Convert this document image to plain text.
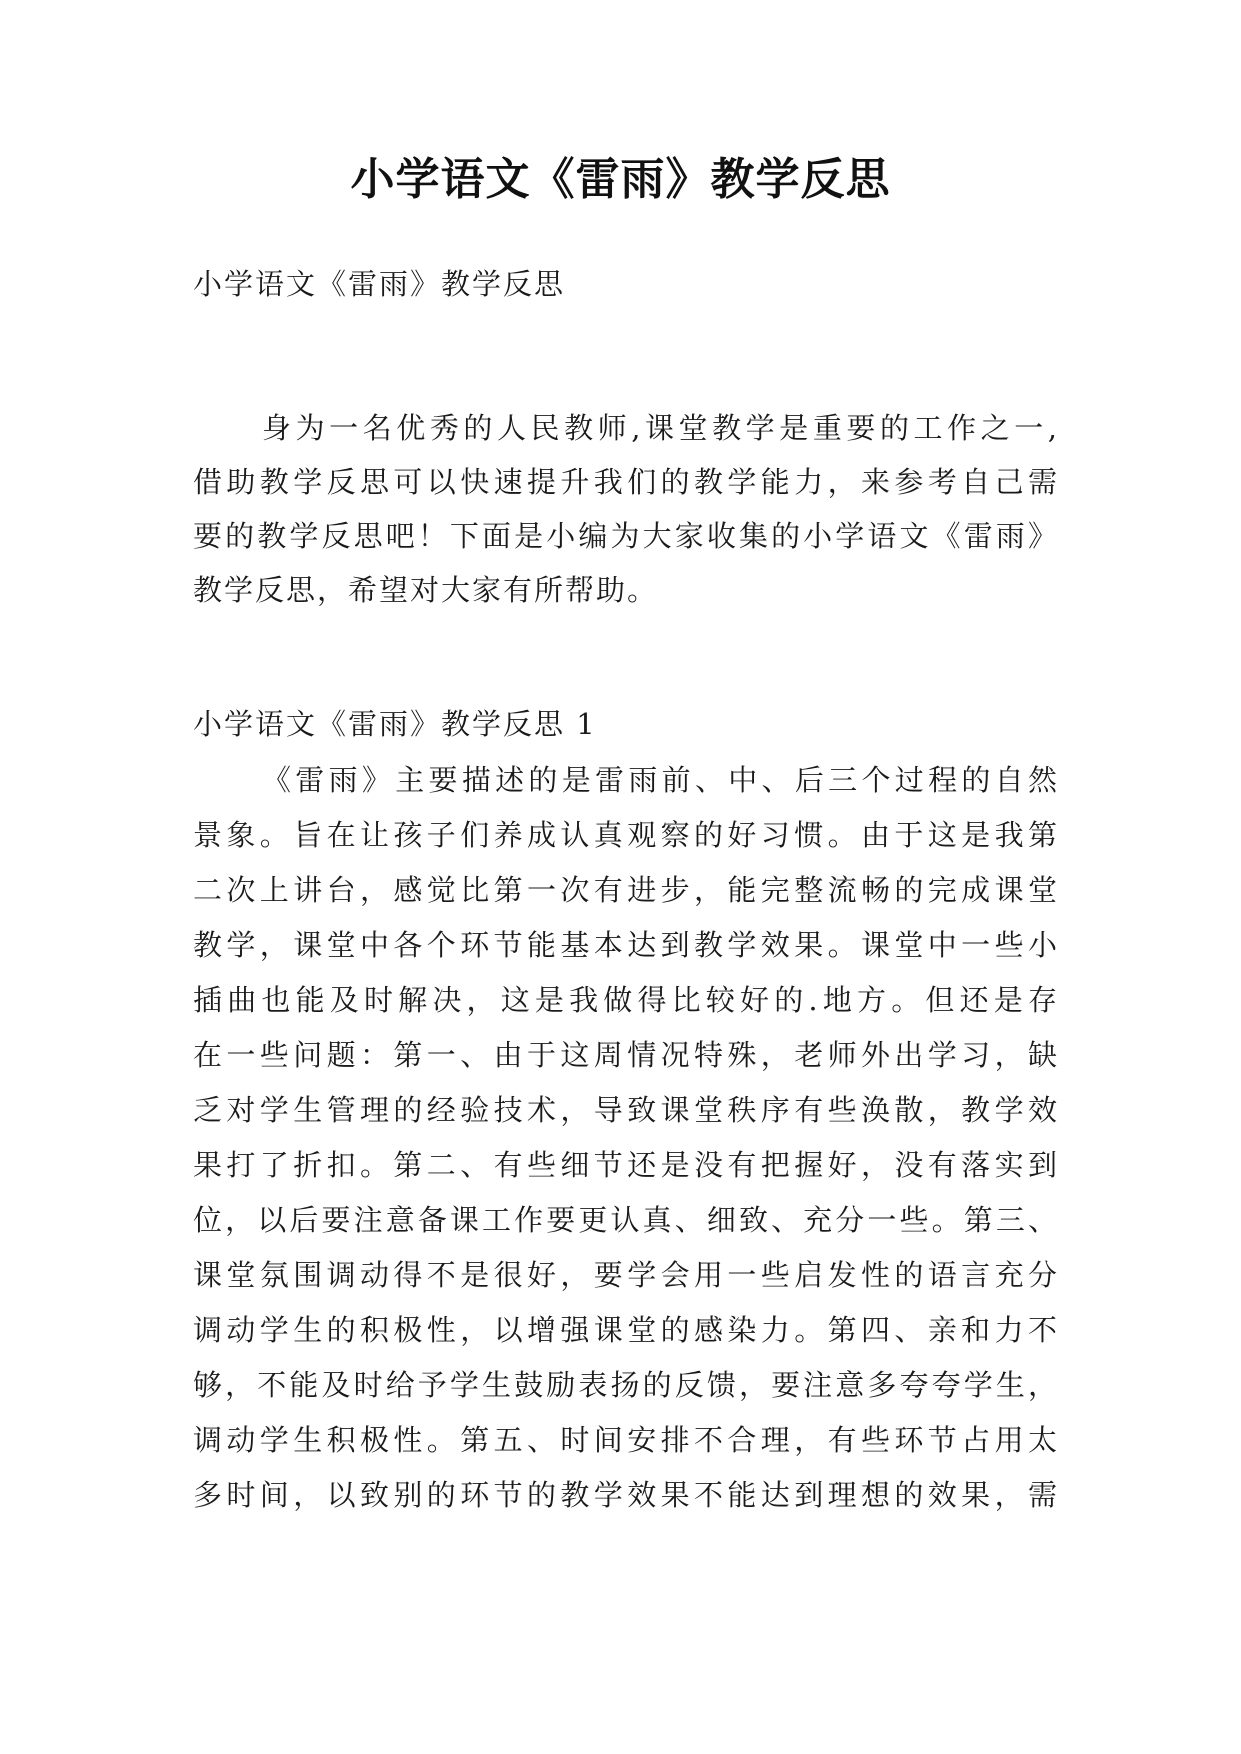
小学语文《雷雨》教学反思
小学语文《雷雨》教学反思
身为一名优秀的人民教师,课堂教学是重要的工作之一,
借助教学反思可以快速提升我们的教学能力，来参考自己需
要的教学反思吧！下面是小编为大家收集的小学语文《雷雨》
教学反思，希望对大家有所帮助。
小学语文《雷雨》教学反思 1
《雷雨》主要描述的是雷雨前、中、后三个过程的自然
景象。旨在让孩子们养成认真观察的好习惯。由于这是我第
二次上讲台，感觉比第一次有进步，能完整流畅的完成课堂
教学，课堂中各个环节能基本达到教学效果。课堂中一些小
插曲也能及时解决，这是我做得比较好的.地方。但还是存
在一些问题：第一、由于这周情况特殊，老师外出学习，缺
乏对学生管理的经验技术，导致课堂秩序有些涣散，教学效
果打了折扣。第二、有些细节还是没有把握好，没有落实到
位，以后要注意备课工作要更认真、细致、充分一些。第三、
课堂氛围调动得不是很好，要学会用一些启发性的语言充分
调动学生的积极性，以增强课堂的感染力。第四、亲和力不
够，不能及时给予学生鼓励表扬的反馈，要注意多夸夸学生，
调动学生积极性。第五、时间安排不合理，有些环节占用太
多时间，以致别的环节的教学效果不能达到理想的效果，需
